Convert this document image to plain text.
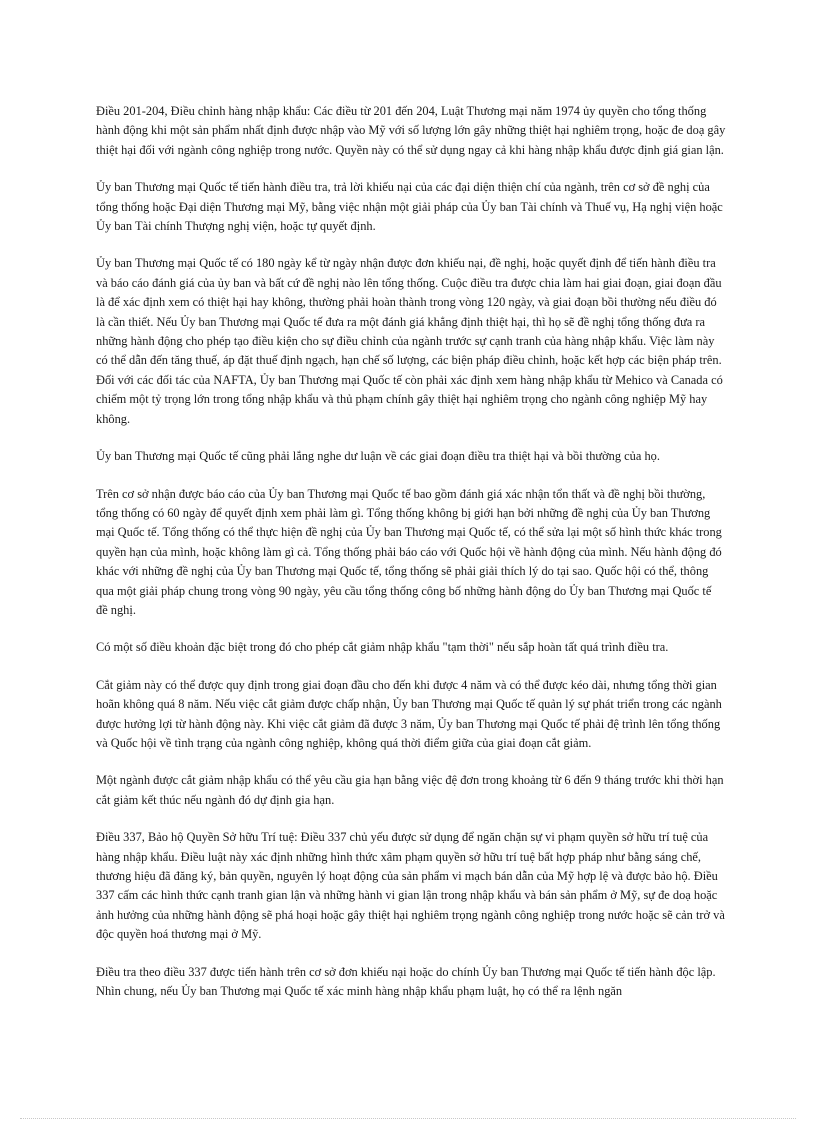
Điều 201-204, Điều chỉnh hàng nhập khẩu: Các điều từ 201 đến 204, Luật Thương mại năm 1974 ủy quyền cho tổng thống hành động khi một sản phẩm nhất định được nhập vào Mỹ với số lượng lớn gây những thiệt hại nghiêm trọng, hoặc đe doạ gây thiệt hại đối với ngành công nghiệp trong nước. Quyền này có thể sử dụng ngay cả khi hàng nhập khẩu được định giá gian lận.

Ủy ban Thương mại Quốc tế tiến hành điều tra, trả lời khiếu nại của các đại diện thiện chí của ngành, trên cơ sở đề nghị của tổng thống hoặc Đại diện Thương mại Mỹ, bằng việc nhận một giải pháp của Ủy ban Tài chính và Thuế vụ, Hạ nghị viện hoặc Ủy ban Tài chính Thượng nghị viện, hoặc tự quyết định.

Ủy ban Thương mại Quốc tế có 180 ngày kể từ ngày nhận được đơn khiếu nại, đề nghị, hoặc quyết định để tiến hành điều tra và báo cáo đánh giá của ủy ban và bất cứ đề nghị nào lên tổng thống. Cuộc điều tra được chia làm hai giai đoạn, giai đoạn đầu là để xác định xem có thiệt hại hay không, thường phải hoàn thành trong vòng 120 ngày, và giai đoạn bồi thường nếu điều đó là cần thiết. Nếu Ủy ban Thương mại Quốc tế đưa ra một đánh giá khẳng định thiệt hại, thì họ sẽ đề nghị tổng thống đưa ra những hành động cho phép tạo điều kiện cho sự điều chỉnh của ngành trước sự cạnh tranh của hàng nhập khẩu. Việc làm này có thể dẫn đến tăng thuế, áp đặt thuế định ngạch, hạn chế số lượng, các biện pháp điều chỉnh, hoặc kết hợp các biện pháp trên. Đối với các đối tác của NAFTA, Ủy ban Thương mại Quốc tế còn phải xác định xem hàng nhập khẩu từ Mehico và Canada có chiếm một tỷ trọng lớn trong tổng nhập khẩu và thủ phạm chính gây thiệt hại nghiêm trọng cho ngành công nghiệp Mỹ hay không.

Ủy ban Thương mại Quốc tế cũng phải lắng nghe dư luận về các giai đoạn điều tra thiệt hại và bồi thường của họ.

Trên cơ sở nhận được báo cáo của Ủy ban Thương mại Quốc tế bao gồm đánh giá xác nhận tổn thất và đề nghị bồi thường, tổng thống có 60 ngày để quyết định xem phải làm gì. Tổng thống không bị giới hạn bởi những đề nghị của Ủy ban Thương mại Quốc tế. Tổng thống có thể thực hiện đề nghị của Ủy ban Thương mại Quốc tế, có thể sửa lại một số hình thức khác trong quyền hạn của mình, hoặc không làm gì cả. Tổng thống phải báo cáo với Quốc hội về hành động của mình. Nếu hành động đó khác với những đề nghị của Ủy ban Thương mại Quốc tế, tổng thống sẽ phải giải thích lý do tại sao. Quốc hội có thể, thông qua một giải pháp chung trong vòng 90 ngày, yêu cầu tổng thống công bố những hành động do Ủy ban Thương mại Quốc tế đề nghị.

Có một số điều khoản đặc biệt trong đó cho phép cắt giảm nhập khẩu "tạm thời" nếu sắp hoàn tất quá trình điều tra.

Cắt giảm này có thể được quy định trong giai đoạn đầu cho đến khi được 4 năm và có thể được kéo dài, nhưng tổng thời gian hoãn không quá 8 năm. Nếu việc cắt giảm được chấp nhận, Ủy ban Thương mại Quốc tế quản lý sự phát triển trong các ngành được hưởng lợi từ hành động này. Khi việc cắt giảm đã được 3 năm, Ủy ban Thương mại Quốc tế phải đệ trình lên tổng thống và Quốc hội về tình trạng của ngành công nghiệp, không quá thời điểm giữa của giai đoạn cắt giảm.

Một ngành được cắt giảm nhập khẩu có thể yêu cầu gia hạn bằng việc đệ đơn trong khoảng từ 6 đến 9 tháng trước khi thời hạn cắt giảm kết thúc nếu ngành đó dự định gia hạn.

Điều 337, Bảo hộ Quyền Sở hữu Trí tuệ: Điều 337 chủ yếu được sử dụng để ngăn chặn sự vi phạm quyền sở hữu trí tuệ của hàng nhập khẩu. Điều luật này xác định những hình thức xâm phạm quyền sở hữu trí tuệ bất hợp pháp như bằng sáng chế, thương hiệu đã đăng ký, bản quyền, nguyên lý hoạt động của sản phẩm vi mạch bán dẫn của Mỹ hợp lệ và được bảo hộ. Điều 337 cấm các hình thức cạnh tranh gian lận và những hành vi gian lận trong nhập khẩu và bán sản phẩm ở Mỹ, sự đe doạ hoặc ảnh hưởng của những hành động sẽ phá hoại hoặc gây thiệt hại nghiêm trọng ngành công nghiệp trong nước hoặc sẽ cản trở và độc quyền hoá thương mại ở Mỹ.

Điều tra theo điều 337 được tiến hành trên cơ sở đơn khiếu nại hoặc do chính Ủy ban Thương mại Quốc tế tiến hành độc lập. Nhìn chung, nếu Ủy ban Thương mại Quốc tế xác minh hàng nhập khẩu phạm luật, họ có thể ra lệnh ngăn
